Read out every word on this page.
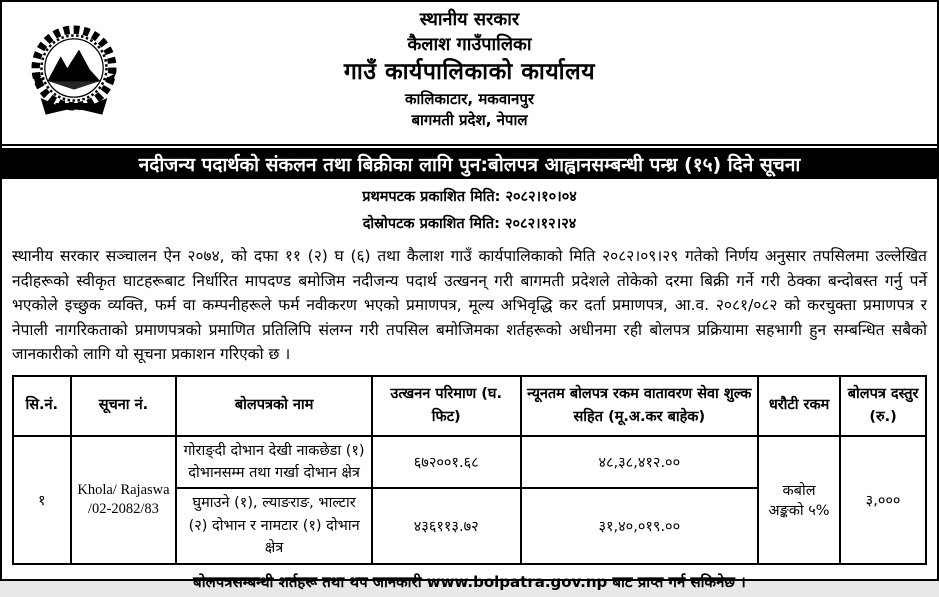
स्थानीय सरकार
कैलाश गाउँपालिका
गाउँ कार्यपालिकाको कार्यालय
कालिकाटार, मकवानपुर
बागमती प्रदेश, नेपाल
नदीजन्य पदार्थको संकलन तथा बिक्रीका लागि पुन:बोलपत्र आह्वानसम्बन्धी पन्ध्र (१५) दिने सूचना
प्रथमपटक प्रकाशित मिति: २०८२।१०।०४
दोस्रोपटक प्रकाशित मिति: २०८२।१२।२४
स्थानीय सरकार सञ्चालन ऐन २०७४, को दफा ११ (२) घ (६) तथा कैलाश गाउँ कार्यपालिकाको मिति २०८२।०९।२९ गतेको निर्णय अनुसार तपसिलमा उल्लेखित नदीहरूको स्वीकृत घाटहरूबाट निर्धारित मापदण्ड बमोजिम नदीजन्य पदार्थ उत्खनन् गरी बागमती प्रदेशले तोकेको दरमा बिक्री गर्ने गरी ठेक्का बन्दोबस्त गर्नु पर्ने भएकोले इच्छुक व्यक्ति, फर्म वा कम्पनीहरूले फर्म नवीकरण भएको प्रमाणपत्र, मूल्य अभिवृद्धि कर दर्ता प्रमाणपत्र, आ.व. २०८१/०८२ को करचुक्ता प्रमाणपत्र र नेपाली नागरिकताको प्रमाणपत्रको प्रमाणित प्रतिलिपि संलग्न गरी तपसिल बमोजिमका शर्तहरूको अधीनमा रही बोलपत्र प्रक्रियामा सहभागी हुन सम्बन्धित सबैको जानकारीको लागि यो सूचना प्रकाशन गरिएको छ ।
सि.नं.	सूचना नं.	बोलपत्रको नाम	उत्खनन परिमाण (घ. फिट)	न्यूनतम बोलपत्र रकम वातावरण सेवा शुल्क सहित (मू.अ.कर बाहेक)	धरौटी रकम	बोलपत्र दस्तुर (रु.)
१	Khola/ Rajaswa /02-2082/83	गोराङ्दी दोभान देखी नाकछेडा (१) दोभानसम्म तथा गर्खा दोभान क्षेत्र	६७२००१.६८	४८,३८,४१२.००	कबोल अङ्कको ५%	३,०००
		घुमाउने (१), ल्याङराङ, भाल्टार (२) दोभान र नामटार (१) दोभान क्षेत्र	४३६११३.७२	३१,४०,०१९.००		
बोलपत्रसम्बन्धी शर्तहरू तथा थप जानकारी www.bolpatra.gov.np बाट प्राप्त गर्न सकिनेछ ।
